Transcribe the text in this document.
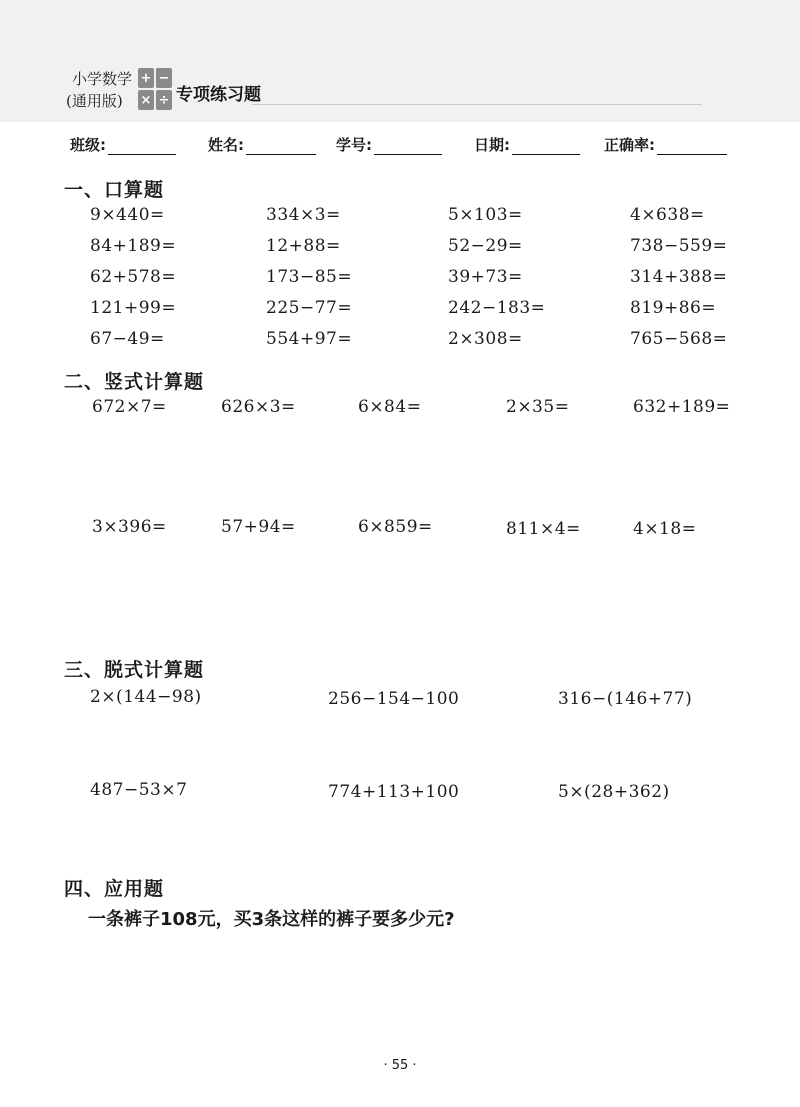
小学数学
(通用版)
+ −
× ÷ 专项练习题
班级:	姓名:	学号:	日期:	正确率:
一、口算题
9×440=	334×3=	5×103=	4×638=
84+189=	12+88=	52−29=	738−559=
62+578=	173−85=	39+73=	314+388=
121+99=	225−77=	242−183=	819+86=
67−49=	554+97=	2×308=	765−568=
二、竖式计算题
672×7=	626×3=	6×84=	2×35=	632+189=
3×396=	57+94=	6×859=	811×4=	4×18=
三、脱式计算题
2×(144−98)	256−154−100	316−(146+77)
487−53×7	774+113+100	5×(28+362)
四、应用题
一条裤子108元，买3条这样的裤子要多少元?
· 55 ·
